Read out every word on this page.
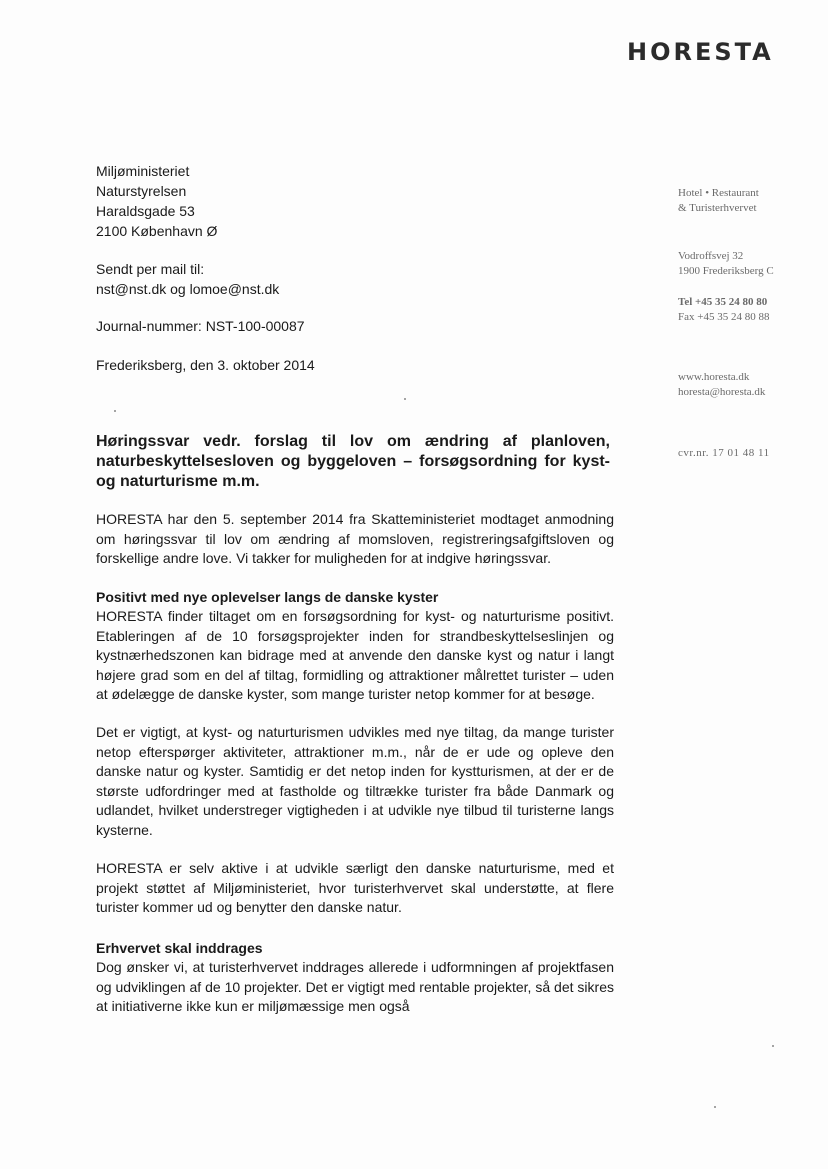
HORESTA
Hotel • Restaurant
& Turisterhvervet
Vodroffsvej 32
1900 Frederiksberg C
Tel +45 35 24 80 80
Fax +45 35 24 80 88
www.horesta.dk
horesta@horesta.dk
cvr.nr. 17 01 48 11
Miljøministeriet
Naturstyrelsen
Haraldsgade 53
2100 København Ø
Sendt per mail til:
nst@nst.dk og lomoe@nst.dk
Journal-nummer: NST-100-00087
Frederiksberg, den 3. oktober 2014
Høringssvar vedr. forslag til lov om ændring af planloven, naturbeskyttelsesloven og byggeloven – forsøgsordning for kyst- og naturturisme m.m.
HORESTA har den 5. september 2014 fra Skatteministeriet modtaget anmodning om høringssvar til lov om ændring af momsloven, registreringsafgiftsloven og forskellige andre love. Vi takker for muligheden for at indgive høringssvar.
Positivt med nye oplevelser langs de danske kyster
HORESTA finder tiltaget om en forsøgsordning for kyst- og naturturisme positivt. Etableringen af de 10 forsøgsprojekter inden for strandbeskyttelseslinjen og kystnærhedszonen kan bidrage med at anvende den danske kyst og natur i langt højere grad som en del af tiltag, formidling og attraktioner målrettet turister – uden at ødelægge de danske kyster, som mange turister netop kommer for at besøge.
Det er vigtigt, at kyst- og naturturismen udvikles med nye tiltag, da mange turister netop efterspørger aktiviteter, attraktioner m.m., når de er ude og opleve den danske natur og kyster. Samtidig er det netop inden for kystturismen, at der er de største udfordringer med at fastholde og tiltrække turister fra både Danmark og udlandet, hvilket understreger vigtigheden i at udvikle nye tilbud til turisterne langs kysterne.
HORESTA er selv aktive i at udvikle særligt den danske naturturisme, med et projekt støttet af Miljøministeriet, hvor turisterhvervet skal understøtte, at flere turister kommer ud og benytter den danske natur.
Erhvervet skal inddrages
Dog ønsker vi, at turisterhvervet inddrages allerede i udformningen af projektfasen og udviklingen af de 10 projekter. Det er vigtigt med rentable projekter, så det sikres at initiativerne ikke kun er miljømæssige men også
